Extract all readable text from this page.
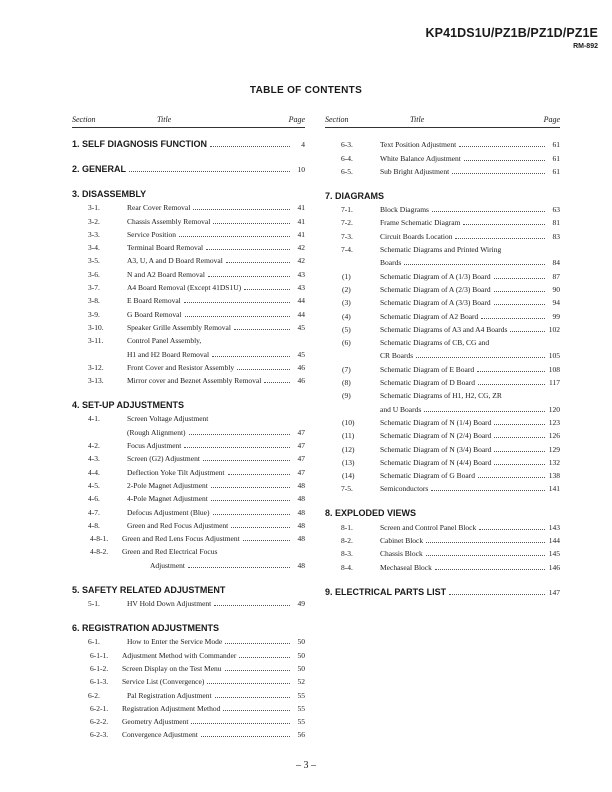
KP41DS1U/PZ1B/PZ1D/PZ1E
RM-892
TABLE OF CONTENTS
Section	Title	Page
1. SELF DIAGNOSIS FUNCTION	4
2. GENERAL	10
3. DISASSEMBLY
3-1.	Rear Cover Removal	41
3-2.	Chassis Assembly Removal	41
3-3.	Service Position	41
3-4.	Terminal Board Removal	42
3-5.	A3, U, A and D Board Removal	42
3-6.	N and A2 Board Removal	43
3-7.	A4 Board Removal (Except 41DS1U)	43
3-8.	E Board Removal	44
3-9.	G Board Removal	44
3-10.	Speaker Grille Assembly Removal	45
3-11.	Control Panel Assembly,
H1 and H2 Board Removal	45
3-12.	Front Cover and Resistor Assembly	46
3-13.	Mirror cover and Beznet Assembly Removal	46
4. SET-UP ADJUSTMENTS
4-1.	Screen Voltage Adjustment
(Rough Alignment)	47
4-2.	Focus Adjustment	47
4-3.	Screen (G2) Adjustment	47
4-4.	Deflection Yoke Tilt Adjustment	47
4-5.	2-Pole Magnet Adjustment	48
4-6.	4-Pole Magnet Adjustment	48
4-7.	Defocus Adjustment (Blue)	48
4-8.	Green and Red Focus Adjustment	48
4-8-1. Green and Red Lens Focus Adjustment	48
4-8-2. Green and Red Electrical Focus
Adjustment	48
5. SAFETY RELATED ADJUSTMENT
5-1.	HV Hold Down Adjustment	49
6. REGISTRATION ADJUSTMENTS
6-1.	How to Enter the Service Mode	50
6-1-1. Adjustment Method with Commander	50
6-1-2. Screen Display on the Test Menu	50
6-1-3. Service List (Convergence)	52
6-2.	Pal Registration Adjustment	55
6-2-1. Registration Adjustment Method	55
6-2-2. Geometry Adjustment	55
6-2-3. Convergence Adjustment	56
Section	Title	Page
6-3.	Text Position Adjustment	61
6-4.	White Balance Adjustment	61
6-5.	Sub Bright Adjustment	61
7. DIAGRAMS
7-1.	Block Diagrams	63
7-2.	Frame Schematic Diagram	81
7-3.	Circuit Boards Location	83
7-4.	Schematic Diagrams and Printed Wiring
Boards	84
(1)	Schematic Diagram of A (1/3) Board	87
(2)	Schematic Diagram of A (2/3) Board	90
(3)	Schematic Diagram of A (3/3) Board	94
(4)	Schematic Diagram of A2 Board	99
(5)	Schematic Diagrams of A3 and A4 Boards	102
(6)	Schematic Diagrams of CB, CG and
CR Boards	105
(7)	Schematic Diagram of E Board	108
(8)	Schematic Diagram of D Board	117
(9)	Schematic Diagrams of H1, H2, CG, ZR
and U Boards	120
(10)	Schematic Diagram of N (1/4) Board	123
(11)	Schematic Diagram of N (2/4) Board	126
(12)	Schematic Diagram of N (3/4) Board	129
(13)	Schematic Diagram of N (4/4) Board	132
(14)	Schematic Diagram of G Board	138
7-5.	Semiconductors	141
8. EXPLODED VIEWS
8-1.	Screen and Control Panel Block	143
8-2.	Cabinet Block	144
8-3.	Chassis Block	145
8-4.	Mechaseal Block	146
9. ELECTRICAL PARTS LIST	147
– 3 –
